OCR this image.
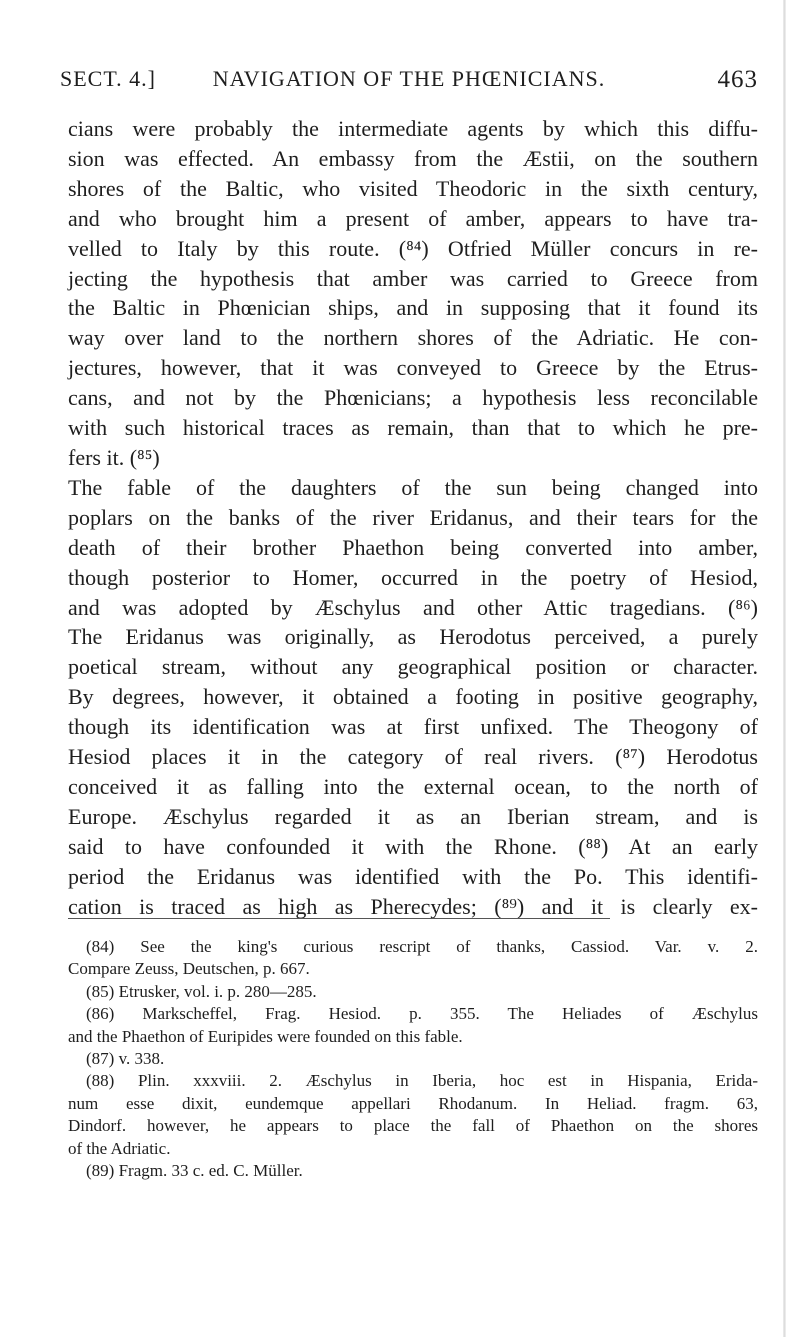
SECT. 4.]	NAVIGATION OF THE PHŒNICIANS.	463
cians were probably the intermediate agents by which this diffu-
sion was effected. An embassy from the Æstii, on the southern
shores of the Baltic, who visited Theodoric in the sixth century,
and who brought him a present of amber, appears to have tra-
velled to Italy by this route. (⁸⁴) Otfried Müller concurs in re-
jecting the hypothesis that amber was carried to Greece from
the Baltic in Phœnician ships, and in supposing that it found its
way over land to the northern shores of the Adriatic. He con-
jectures, however, that it was conveyed to Greece by the Etrus-
cans, and not by the Phœnicians; a hypothesis less reconcilable
with such historical traces as remain, than that to which he pre-
fers it. (⁸⁵)
The fable of the daughters of the sun being changed into
poplars on the banks of the river Eridanus, and their tears for the
death of their brother Phaethon being converted into amber,
though posterior to Homer, occurred in the poetry of Hesiod,
and was adopted by Æschylus and other Attic tragedians. (⁸⁶)
The Eridanus was originally, as Herodotus perceived, a purely
poetical stream, without any geographical position or character.
By degrees, however, it obtained a footing in positive geography,
though its identification was at first unfixed. The Theogony of
Hesiod places it in the category of real rivers. (⁸⁷) Herodotus
conceived it as falling into the external ocean, to the north of
Europe. Æschylus regarded it as an Iberian stream, and is
said to have confounded it with the Rhone. (⁸⁸) At an early
period the Eridanus was identified with the Po. This identifi-
cation is traced as high as Pherecydes; (⁸⁹) and it is clearly ex-
(84) See the king's curious rescript of thanks, Cassiod. Var. v. 2.
Compare Zeuss, Deutschen, p. 667.
(85) Etrusker, vol. i. p. 280—285.
(86) Markscheffel, Frag. Hesiod. p. 355. The Heliades of Æschylus
and the Phaethon of Euripides were founded on this fable.
(87) v. 338.
(88) Plin. xxxviii. 2. Æschylus in Iberia, hoc est in Hispania, Erida-
num esse dixit, eundemque appellari Rhodanum. In Heliad. fragm. 63,
Dindorf. however, he appears to place the fall of Phaethon on the shores
of the Adriatic.
(89) Fragm. 33 c. ed. C. Müller.
